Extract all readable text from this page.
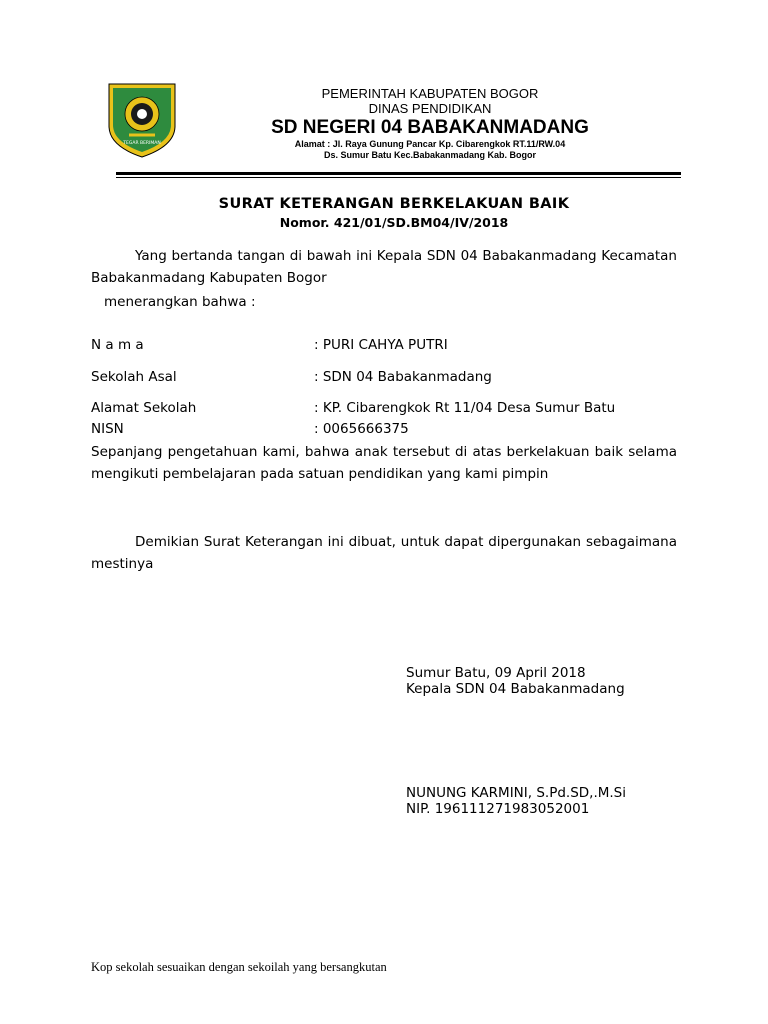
TEGAR BERIMAN
PEMERINTAH KABUPATEN BOGOR
DINAS PENDIDIKAN
SD NEGERI 04 BABAKANMADANG
Alamat : Jl. Raya Gunung Pancar Kp. Cibarengkok RT.11/RW.04
Ds. Sumur Batu Kec.Babakanmadang Kab. Bogor
SURAT KETERANGAN BERKELAKUAN BAIK
Nomor. 421/01/SD.BM04/IV/2018
Yang bertanda tangan di bawah ini Kepala SDN 04 Babakanmadang Kecamatan Babakanmadang Kabupaten Bogor
menerangkan bahwa :
N a m a	: PURI CAHYA PUTRI
Sekolah Asal	: SDN 04 Babakanmadang
Alamat Sekolah	: KP. Cibarengkok Rt 11/04 Desa Sumur Batu
NISN	: 0065666375
Sepanjang pengetahuan kami, bahwa anak tersebut di atas berkelakuan baik selama mengikuti pembelajaran pada satuan pendidikan yang kami pimpin
Demikian Surat Keterangan ini dibuat, untuk dapat dipergunakan sebagaimana mestinya
Sumur Batu, 09 April 2018
Kepala SDN 04 Babakanmadang
NUNUNG KARMINI, S.Pd.SD,.M.Si
NIP. 196111271983052001
Kop sekolah sesuaikan dengan sekoilah yang bersangkutan
